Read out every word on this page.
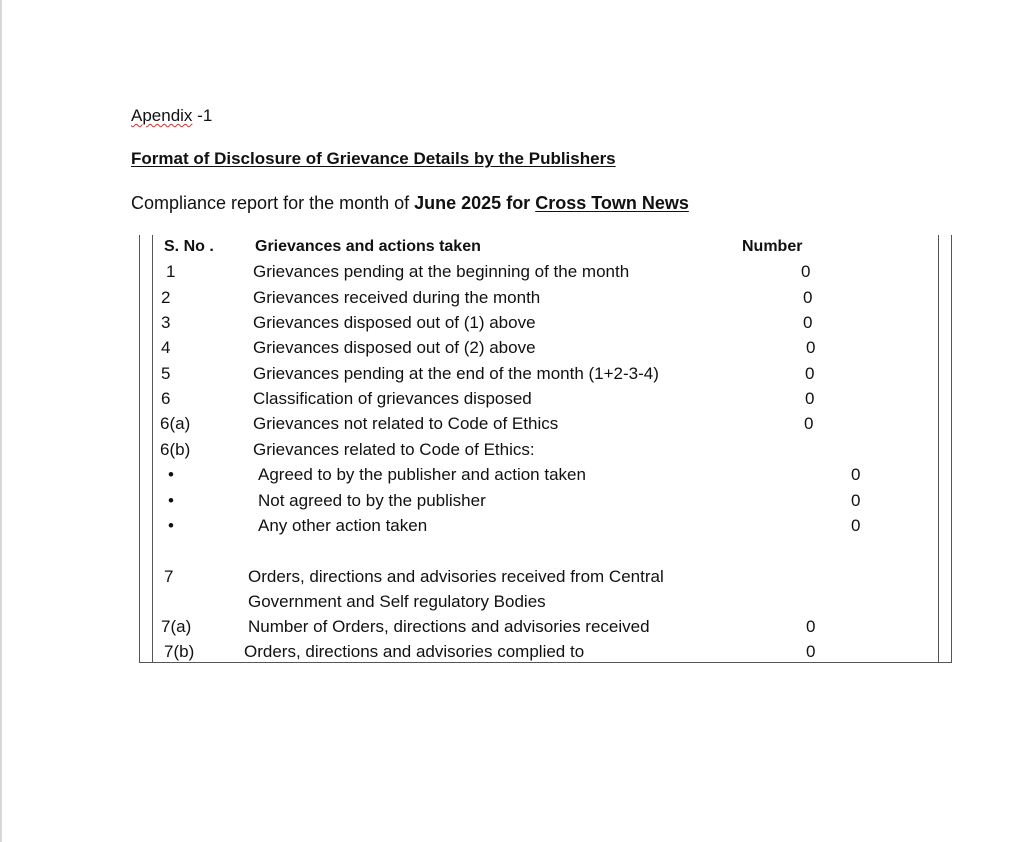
Apendix -1
Format of Disclosure of Grievance Details by the Publishers
Compliance report for the month of June 2025 for Cross Town News
S. No .	Grievances and actions taken	Number
1	Grievances pending at the beginning of the month	0
2	Grievances received during the month	0
3	Grievances disposed out of (1) above	0
4	Grievances disposed out of (2) above	0
5	Grievances pending at the end of the month (1+2-3-4)	0
6	Classification of grievances disposed	0
6(a)	Grievances not related to Code of Ethics	0
6(b)	Grievances related to Code of Ethics:
•	Agreed to by the publisher and action taken	0
•	Not agreed to by the publisher	0
•	Any other action taken	0
7	Orders, directions and advisories received from Central
Government and Self regulatory Bodies
7(a)	Number of Orders, directions and advisories received	0
7(b)	Orders, directions and advisories complied to	0
